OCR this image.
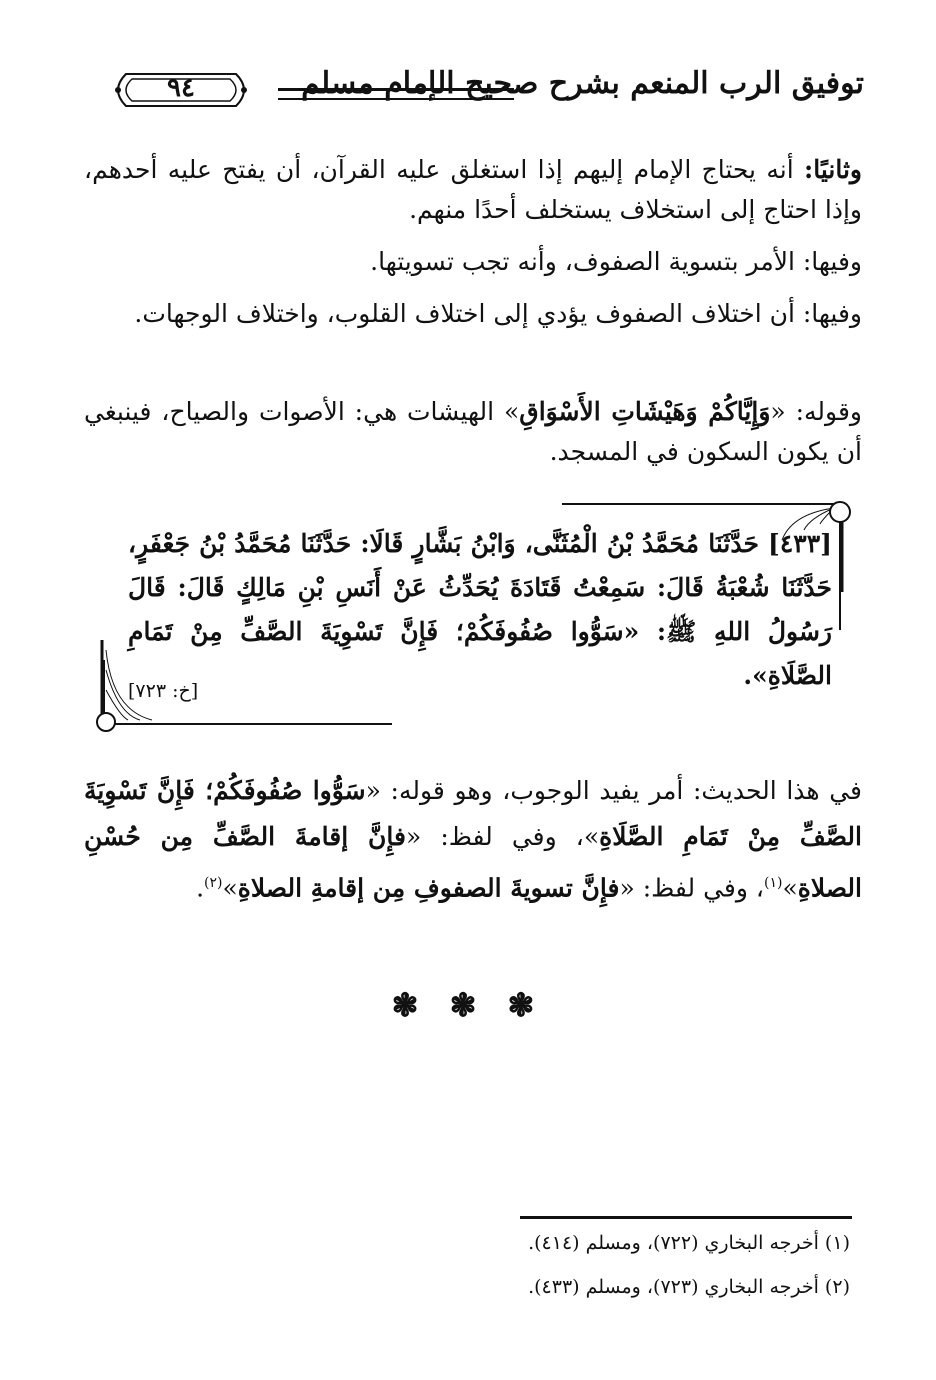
توفيق الرب المنعم بشرح صحيح الإمام مسلم
٩٤
وثانيًا: أنه يحتاج الإمام إليهم إذا استغلق عليه القرآن، أن يفتح عليه أحدهم، وإذا احتاج إلى استخلاف يستخلف أحدًا منهم.
وفيها: الأمر بتسوية الصفوف، وأنه تجب تسويتها.
وفيها: أن اختلاف الصفوف يؤدي إلى اختلاف القلوب، واختلاف الوجهات.
وقوله: «وَإِيَّاكُمْ وَهَيْشَاتِ الأَسْوَاقِ» الهيشات هي: الأصوات والصياح، فينبغي أن يكون السكون في المسجد.
[٤٣٣] حَدَّثَنَا مُحَمَّدُ بْنُ الْمُثَنَّى، وَابْنُ بَشَّارٍ قَالَا: حَدَّثَنَا مُحَمَّدُ بْنُ جَعْفَرٍ، حَدَّثَنَا شُعْبَةُ قَالَ: سَمِعْتُ قَتَادَةَ يُحَدِّثُ عَنْ أَنَسِ بْنِ مَالِكٍ قَالَ: قَالَ رَسُولُ اللهِ ﷺ: «سَوُّوا صُفُوفَكُمْ؛ فَإِنَّ تَسْوِيَةَ الصَّفِّ مِنْ تَمَامِ الصَّلَاةِ».
[خ: ٧٢٣]
في هذا الحديث: أمر يفيد الوجوب، وهو قوله: «سَوُّوا صُفُوفَكُمْ؛ فَإِنَّ تَسْوِيَةَ الصَّفِّ مِنْ تَمَامِ الصَّلَاةِ»، وفي لفظ: «فإِنَّ إقامةَ الصَّفِّ مِن حُسْنِ الصلاةِ»$^{(١)}$، وفي لفظ: «فإِنَّ تسويةَ الصفوفِ مِن إقامةِ الصلاةِ»$^{(٢)}$.
❃ ❃ ❃
(١) أخرجه البخاري (٧٢٢)، ومسلم (٤١٤).
(٢) أخرجه البخاري (٧٢٣)، ومسلم (٤٣٣).
